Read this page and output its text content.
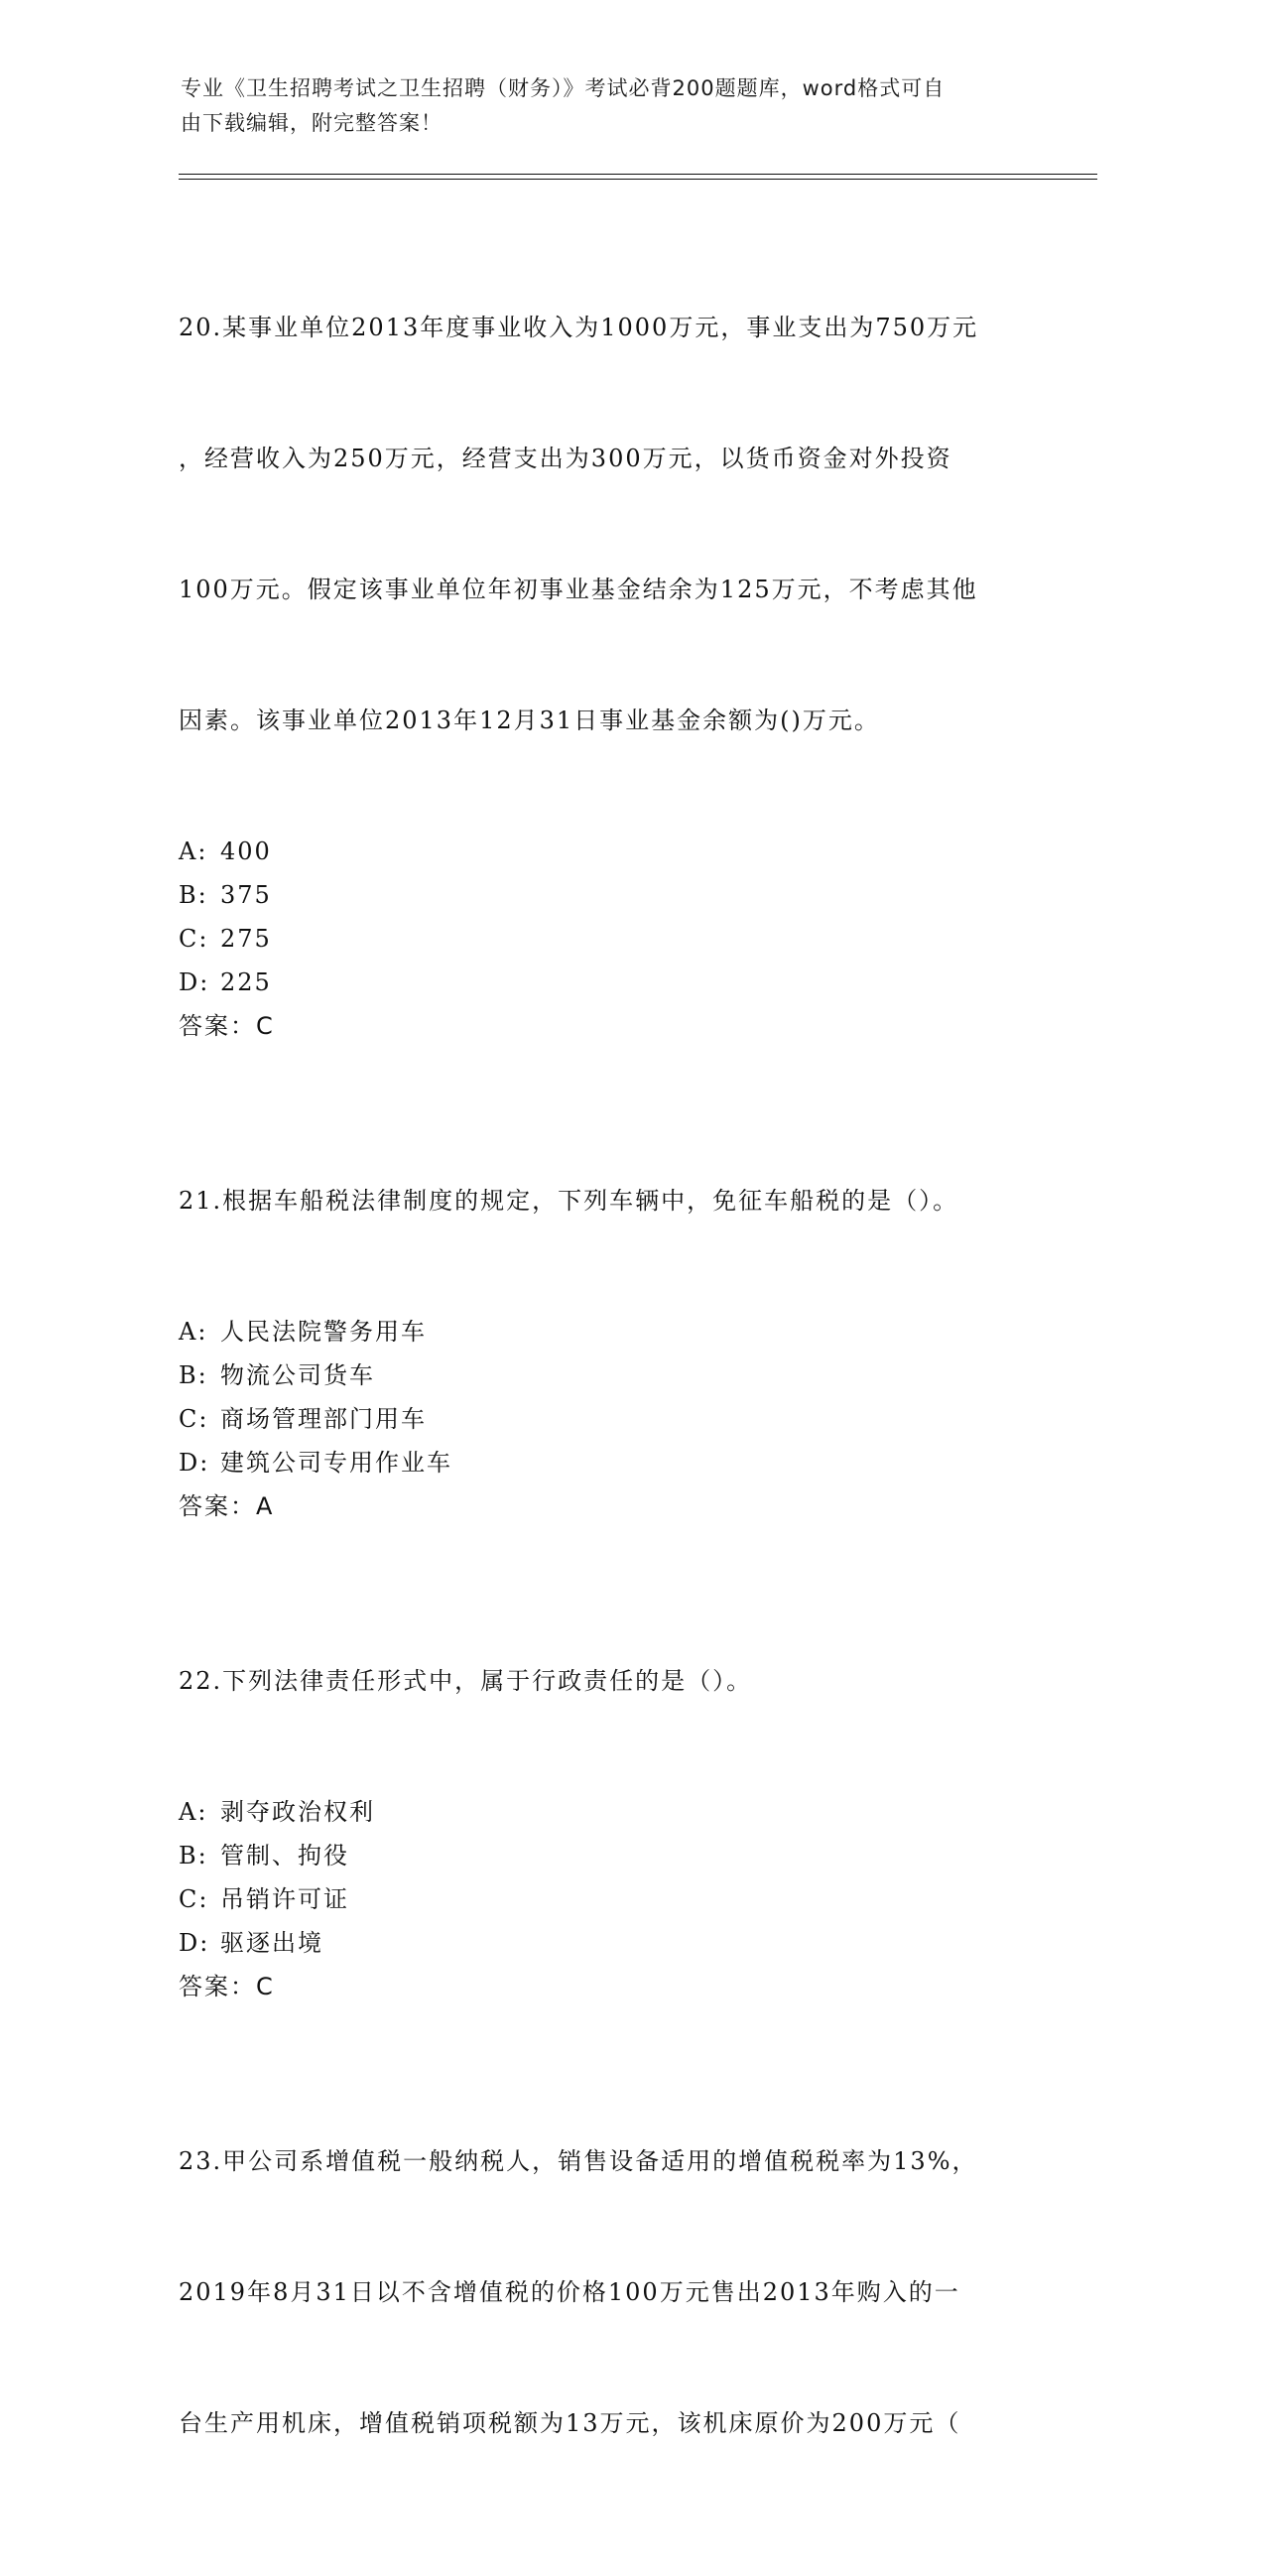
专业《卫生招聘考试之卫生招聘（财务）》考试必背200题题库，word格式可自
由下载编辑，附完整答案！

20.某事业单位2013年度事业收入为1000万元，事业支出为750万元

，经营收入为250万元，经营支出为300万元，以货币资金对外投资

100万元。假定该事业单位年初事业基金结余为125万元，不考虑其他

因素。该事业单位2013年12月31日事业基金余额为()万元。

A: 400
B: 375
C: 275
D: 225
答案：C

21.根据车船税法律制度的规定，下列车辆中，免征车船税的是（）。

A: 人民法院警务用车
B: 物流公司货车
C: 商场管理部门用车
D: 建筑公司专用作业车
答案：A

22.下列法律责任形式中，属于行政责任的是（）。

A: 剥夺政治权利
B: 管制、拘役
C: 吊销许可证
D: 驱逐出境
答案：C

23.甲公司系增值税一般纳税人，销售设备适用的增值税税率为13%，

2019年8月31日以不含增值税的价格100万元售出2013年购入的一

台生产用机床，增值税销项税额为13万元，该机床原价为200万元（
